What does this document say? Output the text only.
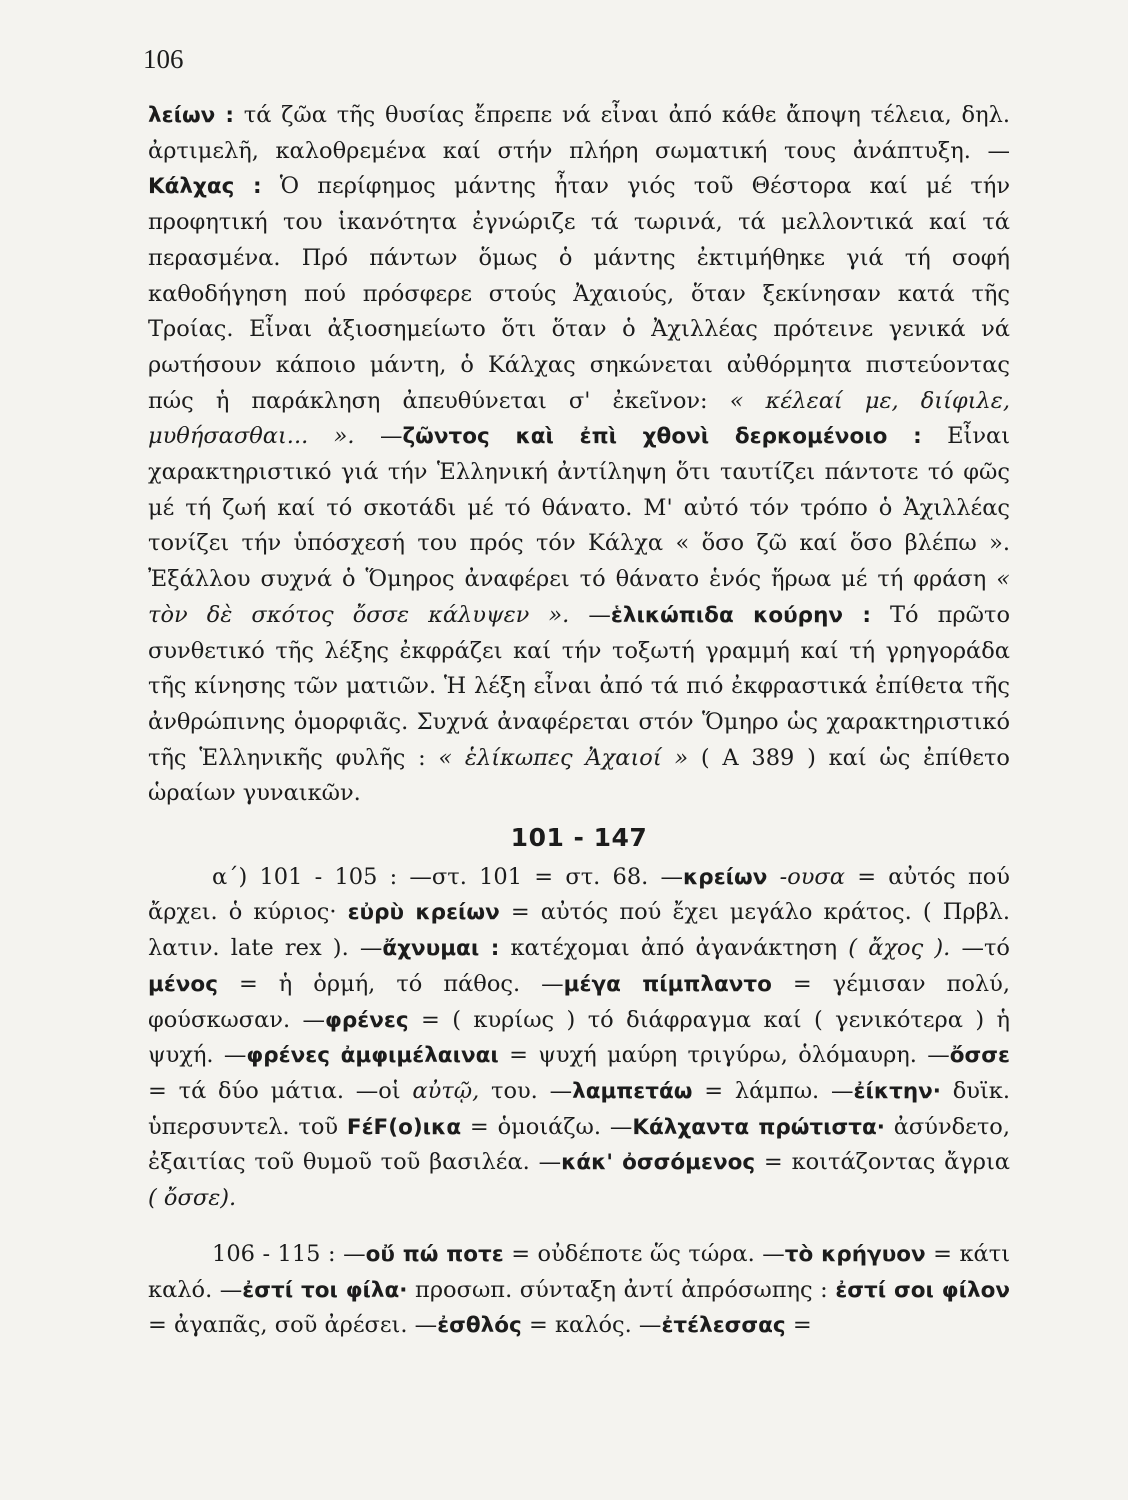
106

λείων : τά ζῶα τῆς θυσίας ἔπρεπε νά εἶναι ἀπό κάθε ἄποψη τέλεια, δηλ. ἀρτιμελῆ, καλοθρεμένα καί στήν πλήρη σωματική τους ἀνάπτυξη. —Κάλχας : Ὁ περίφημος μάντης ἦταν γιός τοῦ Θέστορα καί μέ τήν προφητική του ἱκανότητα ἐγνώριζε τά τωρινά, τά μελλοντικά καί τά περασμένα. Πρό πάντων ὅμως ὁ μάντης ἐκτιμήθηκε γιά τή σοφή καθοδήγηση πού πρόσφερε στούς Ἀχαιούς, ὅταν ξεκίνησαν κατά τῆς Τροίας. Εἶναι ἀξιοσημείωτο ὅτι ὅταν ὁ Ἀχιλλέας πρότεινε γενικά νά ρωτήσουν κάποιο μάντη, ὁ Κάλχας σηκώνεται αὐθόρμητα πιστεύοντας πώς ἡ παράκληση ἀπευθύνεται σ' ἐκεῖνον: « κέλεαί με, διίφιλε, μυθήσασθαι... ». —ζῶντος καὶ ἐπὶ χθονὶ δερκομένοιο : Εἶναι χαρακτηριστικό γιά τήν Ἑλληνική ἀντίληψη ὅτι ταυτίζει πάντοτε τό φῶς μέ τή ζωή καί τό σκοτάδι μέ τό θάνατο. Μ' αὐτό τόν τρόπο ὁ Ἀχιλλέας τονίζει τήν ὑπόσχεσή του πρός τόν Κάλχα « ὅσο ζῶ καί ὅσο βλέπω ». Ἐξάλλου συχνά ὁ Ὅμηρος ἀναφέρει τό θάνατο ἑνός ἥρωα μέ τή φράση « τὸν δὲ σκότος ὄσσε κάλυψεν ». —ἑλικώπιδα κούρην : Τό πρῶτο συνθετικό τῆς λέξης ἐκφράζει καί τήν τοξωτή γραμμή καί τή γρηγοράδα τῆς κίνησης τῶν ματιῶν. Ἡ λέξη εἶναι ἀπό τά πιό ἐκφραστικά ἐπίθετα τῆς ἀνθρώπινης ὁμορφιᾶς. Συχνά ἀναφέρεται στόν Ὅμηρο ὡς χαρακτηριστικό τῆς Ἑλληνικῆς φυλῆς : « ἑλίκωπες Ἀχαιοί » ( Α 389 ) καί ὡς ἐπίθετο ὡραίων γυναικῶν.

101 - 147

α΄) 101 - 105 : —στ. 101 = στ. 68. —κρείων -ουσα = αὐτός πού ἄρχει. ὁ κύριος· εὐρὺ κρείων = αὐτός πού ἔχει μεγάλο κράτος. ( Πρβλ. λατιν. late rex ). —ἄχνυμαι : κατέχομαι ἀπό ἀγανάκτηση ( ἄχος ). —τό μένος = ἡ ὁρμή, τό πάθος. —μέγα πίμπλαντο = γέμισαν πολύ, φούσκωσαν. —φρένες = ( κυρίως ) τό διάφραγμα καί ( γενικότερα ) ἡ ψυχή. —φρένες ἀμφιμέλαιναι = ψυχή μαύρη τριγύρω, ὁλόμαυρη. —ὄσσε = τά δύο μάτια. —οἱ αὐτῷ, του. —λαμπετάω = λάμπω. —ἐίκτην· δυϊκ. ὑπερσυντελ. τοῦ FέF(ο)ικα = ὁμοιάζω. —Κάλχαντα πρώτιστα· ἀσύνδετο, ἐξαιτίας τοῦ θυμοῦ τοῦ βασιλέα. —κάκ' ὀσσόμενος = κοιτάζοντας ἄγρια ( ὄσσε).

106 - 115 : —οὔ πώ ποτε = οὐδέποτε ὥς τώρα. —τὸ κρήγυον = κάτι καλό. —ἐστί τοι φίλα· προσωπ. σύνταξη ἀντί ἀπρόσωπης : ἐστί σοι φίλον = ἀγαπᾶς, σοῦ ἀρέσει. —ἐσθλός = καλός. —ἐτέλεσσας =
